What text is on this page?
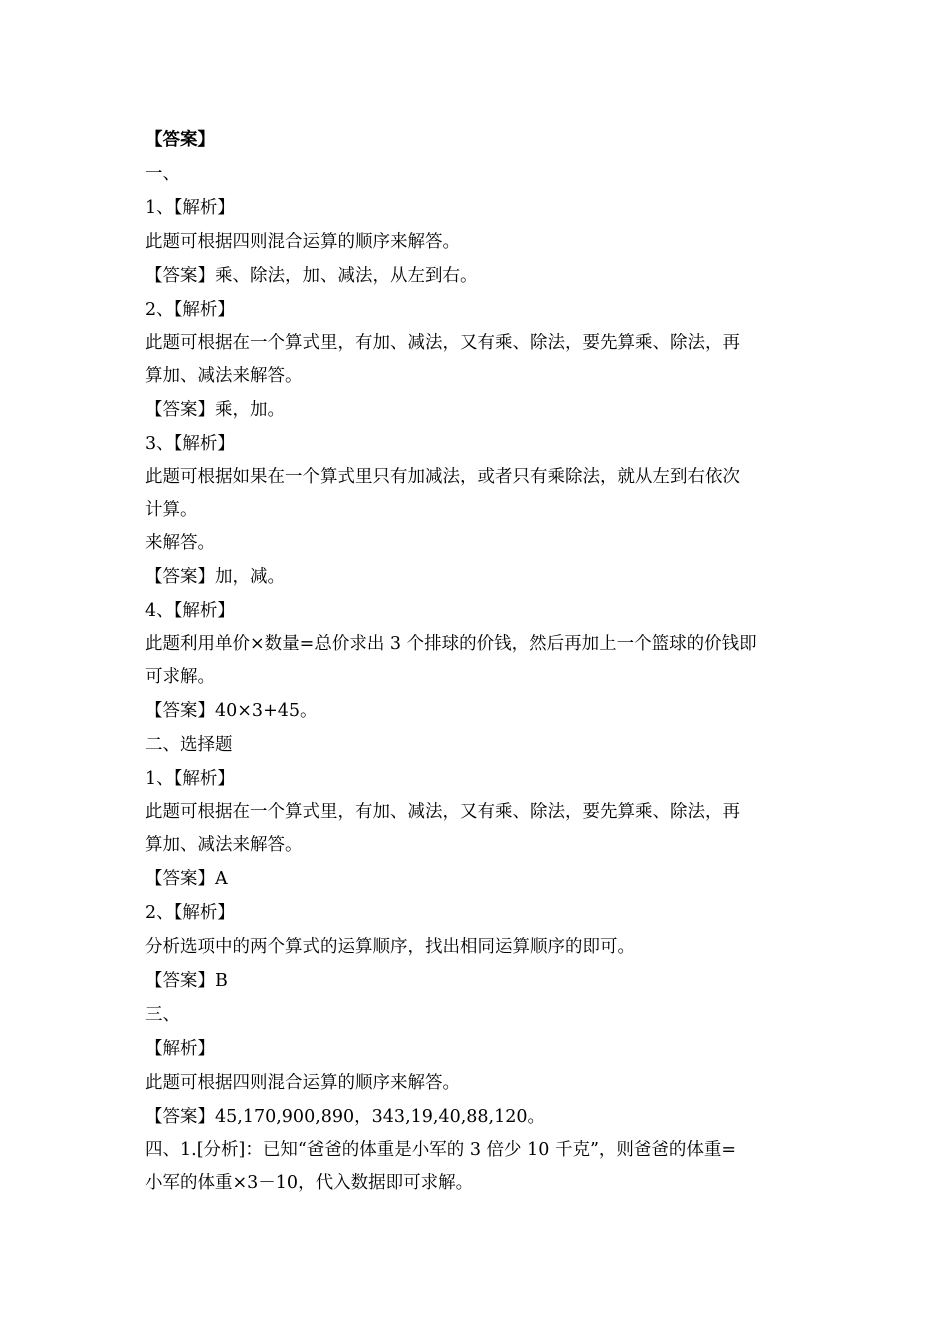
【答案】
一、
1、【解析】
此题可根据四则混合运算的顺序来解答。
【答案】乘、除法，加、减法，从左到右。
2、【解析】
此题可根据在一个算式里，有加、减法，又有乘、除法，要先算乘、除法，再
算加、减法来解答。
【答案】乘，加。
3、【解析】
此题可根据如果在一个算式里只有加减法，或者只有乘除法，就从左到右依次
计算。
来解答。
【答案】加，减。
4、【解析】
此题利用单价×数量=总价求出 3 个排球的价钱，然后再加上一个篮球的价钱即
可求解。
【答案】40×3+45。
二、选择题
1、【解析】
此题可根据在一个算式里，有加、减法，又有乘、除法，要先算乘、除法，再
算加、减法来解答。
【答案】A
2、【解析】
分析选项中的两个算式的运算顺序，找出相同运算顺序的即可。
【答案】B
三、
【解析】
此题可根据四则混合运算的顺序来解答。
【答案】45,170,900,890，343,19,40,88,120。
四、1.[分析]：已知“爸爸的体重是小军的 3 倍少 10 千克”，则爸爸的体重=
小军的体重×3－10，代入数据即可求解。
